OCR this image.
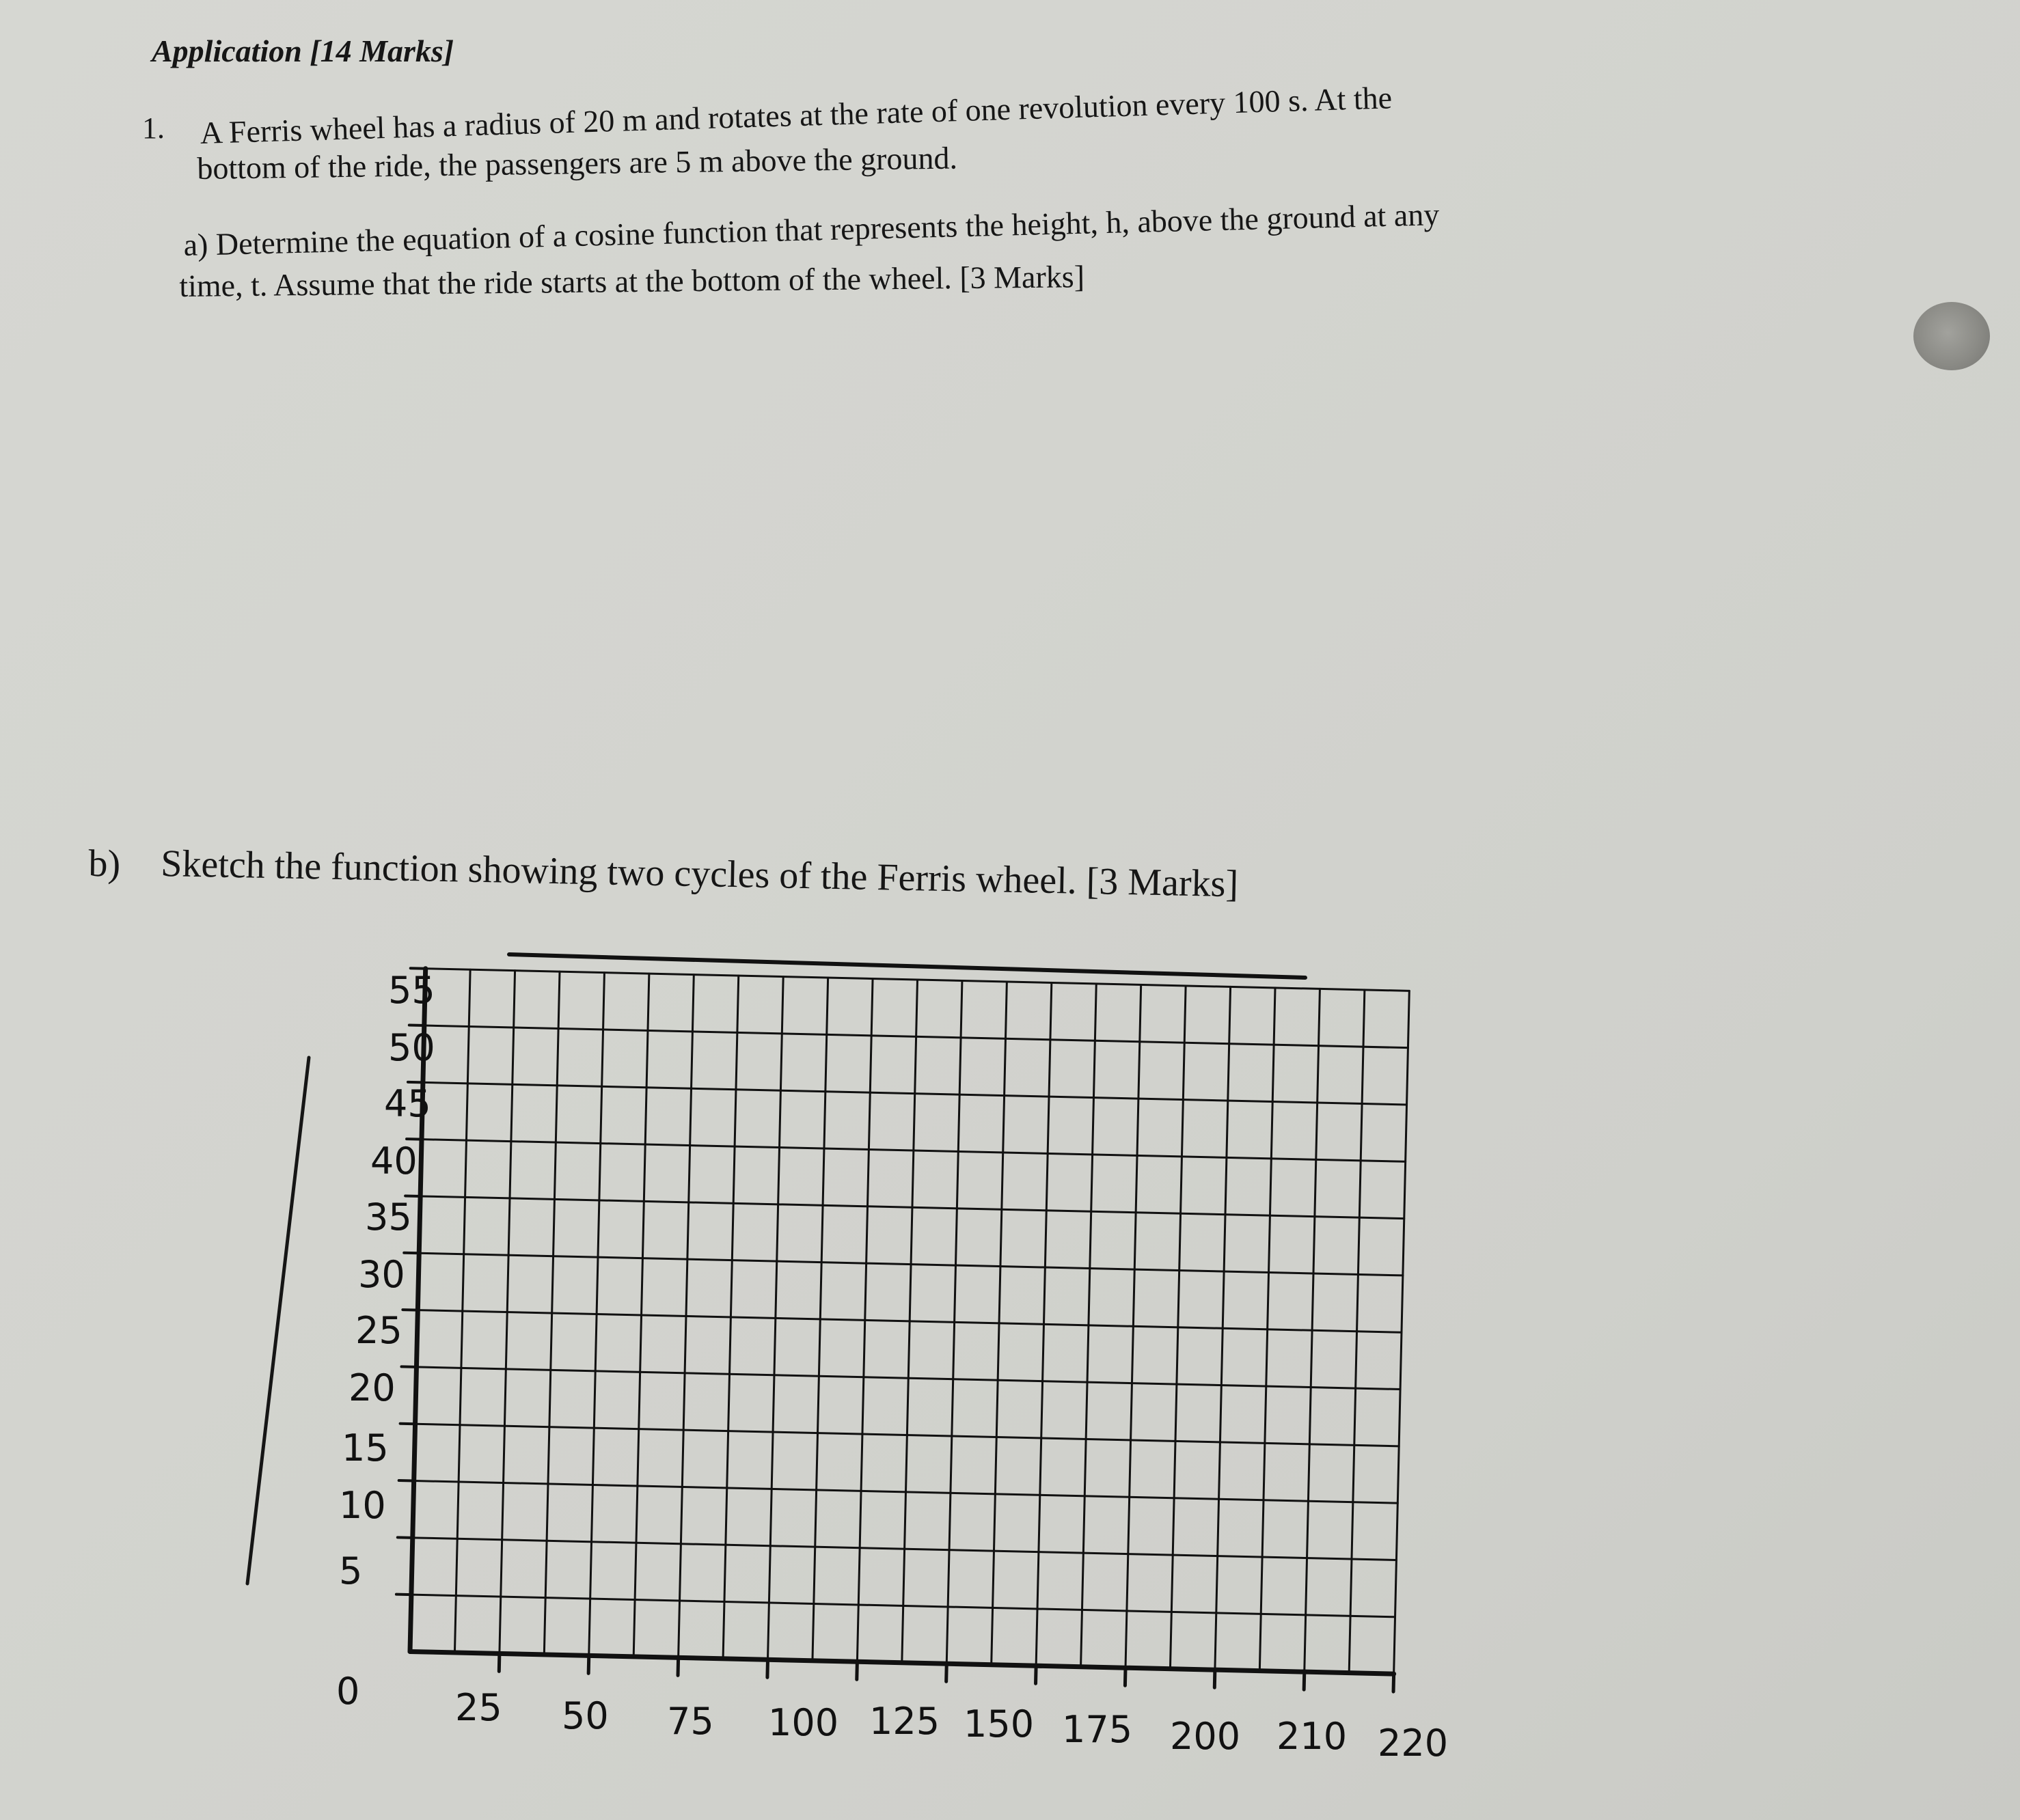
Application [14 Marks]
1. A Ferris wheel has a radius of 20 m and rotates at the rate of one revolution every 100 s. At the
bottom of the ride, the passengers are 5 m above the ground.
a) Determine the equation of a cosine function that represents the height, h, above the ground at any
time, t. Assume that the ride starts at the bottom of the wheel. [3 Marks]
b) Sketch the function showing two cycles of the Ferris wheel. [3 Marks]
55
50
45
40
35
30
25
20
15
10
5
0	25 50 75 100 125 150 175 200 210 220
